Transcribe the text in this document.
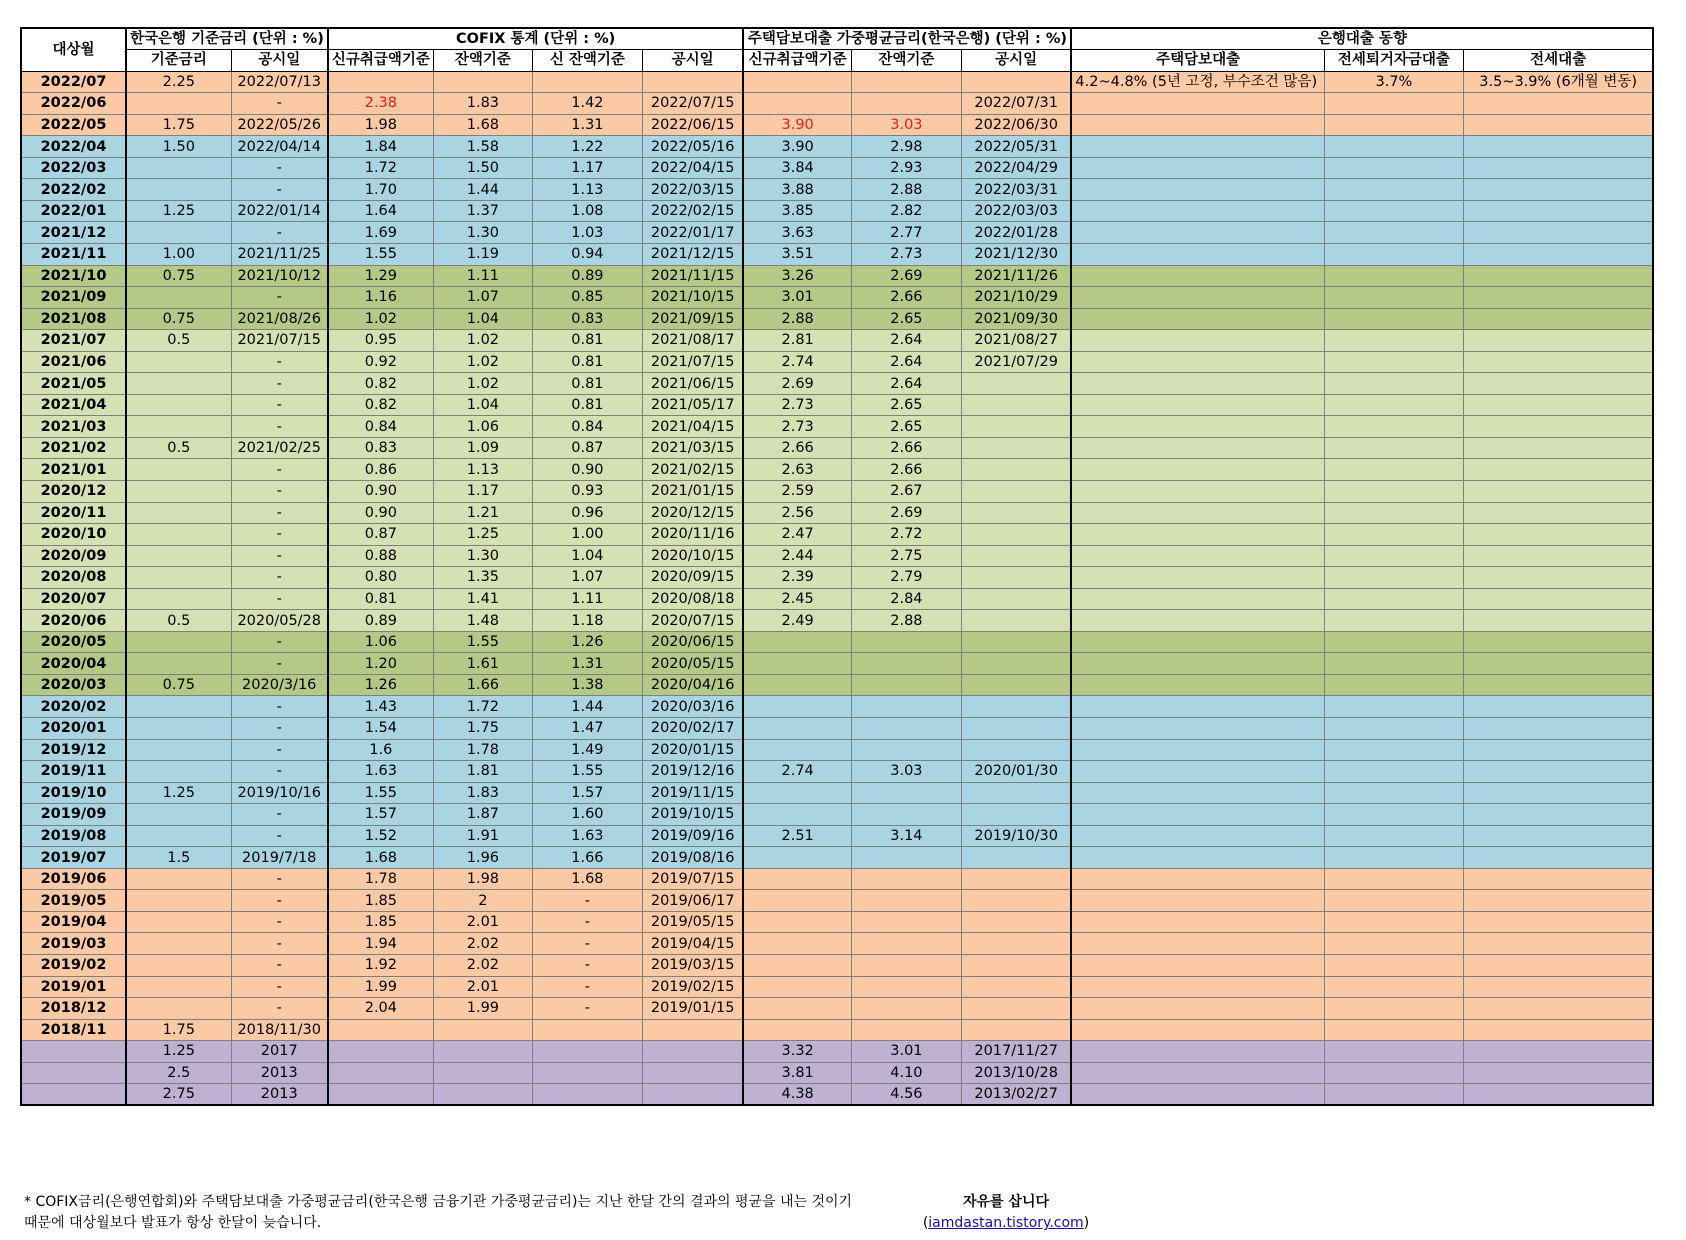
대상월	한국은행 기준금리 (단위 : %)		COFIX 통계 (단위 : %)				주택담보대출 가중평균금리(한국은행) (단위 : %)			은행대출 동향		
	기준금리	공시일	신규취급액기준	잔액기준	신 잔액기준	공시일	신규취급액기준	잔액기준	공시일	주택담보대출	전세퇴거자금대출	전세대출
2022/07	2.25	2022/07/13								4.2~4.8% (5년 고정, 부수조건 많음)	3.7%	3.5~3.9% (6개월 변동)
2022/06		-	2.38	1.83	1.42	2022/07/15			2022/07/31			
2022/05	1.75	2022/05/26	1.98	1.68	1.31	2022/06/15	3.90	3.03	2022/06/30			
2022/04	1.50	2022/04/14	1.84	1.58	1.22	2022/05/16	3.90	2.98	2022/05/31			
2022/03		-	1.72	1.50	1.17	2022/04/15	3.84	2.93	2022/04/29			
2022/02		-	1.70	1.44	1.13	2022/03/15	3.88	2.88	2022/03/31			
2022/01	1.25	2022/01/14	1.64	1.37	1.08	2022/02/15	3.85	2.82	2022/03/03			
2021/12		-	1.69	1.30	1.03	2022/01/17	3.63	2.77	2022/01/28			
2021/11	1.00	2021/11/25	1.55	1.19	0.94	2021/12/15	3.51	2.73	2021/12/30			
2021/10	0.75	2021/10/12	1.29	1.11	0.89	2021/11/15	3.26	2.69	2021/11/26			
2021/09		-	1.16	1.07	0.85	2021/10/15	3.01	2.66	2021/10/29			
2021/08	0.75	2021/08/26	1.02	1.04	0.83	2021/09/15	2.88	2.65	2021/09/30			
2021/07	0.5	2021/07/15	0.95	1.02	0.81	2021/08/17	2.81	2.64	2021/08/27			
2021/06		-	0.92	1.02	0.81	2021/07/15	2.74	2.64	2021/07/29			
2021/05		-	0.82	1.02	0.81	2021/06/15	2.69	2.64				
2021/04		-	0.82	1.04	0.81	2021/05/17	2.73	2.65				
2021/03		-	0.84	1.06	0.84	2021/04/15	2.73	2.65				
2021/02	0.5	2021/02/25	0.83	1.09	0.87	2021/03/15	2.66	2.66				
2021/01		-	0.86	1.13	0.90	2021/02/15	2.63	2.66				
2020/12		-	0.90	1.17	0.93	2021/01/15	2.59	2.67				
2020/11		-	0.90	1.21	0.96	2020/12/15	2.56	2.69				
2020/10		-	0.87	1.25	1.00	2020/11/16	2.47	2.72				
2020/09		-	0.88	1.30	1.04	2020/10/15	2.44	2.75				
2020/08		-	0.80	1.35	1.07	2020/09/15	2.39	2.79				
2020/07		-	0.81	1.41	1.11	2020/08/18	2.45	2.84				
2020/06	0.5	2020/05/28	0.89	1.48	1.18	2020/07/15	2.49	2.88				
2020/05		-	1.06	1.55	1.26	2020/06/15						
2020/04		-	1.20	1.61	1.31	2020/05/15						
2020/03	0.75	2020/3/16	1.26	1.66	1.38	2020/04/16						
2020/02		-	1.43	1.72	1.44	2020/03/16						
2020/01		-	1.54	1.75	1.47	2020/02/17						
2019/12		-	1.6	1.78	1.49	2020/01/15						
2019/11		-	1.63	1.81	1.55	2019/12/16	2.74	3.03	2020/01/30			
2019/10	1.25	2019/10/16	1.55	1.83	1.57	2019/11/15						
2019/09		-	1.57	1.87	1.60	2019/10/15						
2019/08		-	1.52	1.91	1.63	2019/09/16	2.51	3.14	2019/10/30			
2019/07	1.5	2019/7/18	1.68	1.96	1.66	2019/08/16						
2019/06		-	1.78	1.98	1.68	2019/07/15						
2019/05		-	1.85	2	-	2019/06/17						
2019/04		-	1.85	2.01	-	2019/05/15						
2019/03		-	1.94	2.02	-	2019/04/15						
2019/02		-	1.92	2.02	-	2019/03/15						
2019/01		-	1.99	2.01	-	2019/02/15						
2018/12		-	2.04	1.99	-	2019/01/15						
2018/11	1.75	2018/11/30										
	1.25	2017					3.32	3.01	2017/11/27			
	2.5	2013					3.81	4.10	2013/10/28			
	2.75	2013					4.38	4.56	2013/02/27			
* COFIX금리(은행연합회)와 주택담보대출 가중평균금리(한국은행 금융기관 가중평균금리)는 지난 한달 간의 결과의 평균을 내는 것이기
때문에 대상월보다 발표가 항상 한달이 늦습니다.
자유를 삽니다
(iamdastan.tistory.com)
